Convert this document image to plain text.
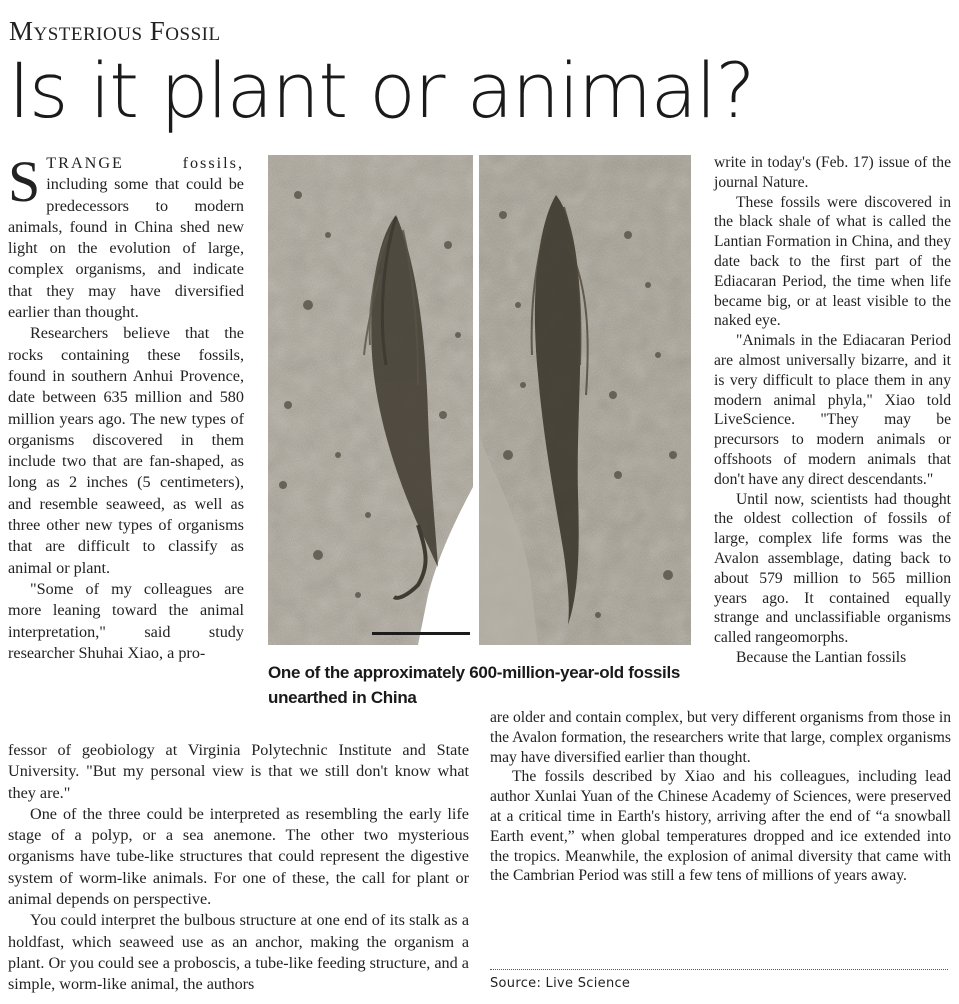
Mysterious Fossil
Is it plant or animal?

STRANGE fossils, including some that could be predecessors to modern animals, found in China shed new light on the evolution of large, complex organisms, and indicate that they may have diversified earlier than thought.

Researchers believe that the rocks containing these fossils, found in southern Anhui Provence, date between 635 million and 580 million years ago. The new types of organisms discovered in them include two that are fan-shaped, as long as 2 inches (5 centimeters), and resemble seaweed, as well as three other new types of organisms that are difficult to classify as animal or plant.

"Some of my colleagues are more leaning toward the animal interpretation," said study researcher Shuhai Xiao, a pro-

One of the approximately 600-million-year-old fossils unearthed in China

fessor of geobiology at Virginia Polytechnic Institute and State University. "But my personal view is that we still don't know what they are."

One of the three could be interpreted as resembling the early life stage of a polyp, or a sea anemone. The other two mysterious organisms have tube-like structures that could represent the digestive system of worm-like animals. For one of these, the call for plant or animal depends on perspective.

You could interpret the bulbous structure at one end of its stalk as a holdfast, which seaweed use as an anchor, making the organism a plant. Or you could see a proboscis, a tube-like feeding structure, and a simple, worm-like animal, the authors

write in today's (Feb. 17) issue of the journal Nature.

These fossils were discovered in the black shale of what is called the Lantian Formation in China, and they date back to the first part of the Ediacaran Period, the time when life became big, or at least visible to the naked eye.

"Animals in the Ediacaran Period are almost universally bizarre, and it is very difficult to place them in any modern animal phyla," Xiao told LiveScience. "They may be precursors to modern animals or offshoots of modern animals that don't have any direct descendants."

Until now, scientists had thought the oldest collection of fossils of large, complex life forms was the Avalon assemblage, dating back to about 579 million to 565 million years ago. It contained equally strange and unclassifiable organisms called rangeomorphs.

Because the Lantian fossils

are older and contain complex, but very different organisms from those in the Avalon formation, the researchers write that large, complex organisms may have diversified earlier than thought.

The fossils described by Xiao and his colleagues, including lead author Xunlai Yuan of the Chinese Academy of Sciences, were preserved at a critical time in Earth's history, arriving after the end of “a snowball Earth event,” when global temperatures dropped and ice extended into the tropics. Meanwhile, the explosion of animal diversity that came with the Cambrian Period was still a few tens of millions of years away.

Source: Live Science
